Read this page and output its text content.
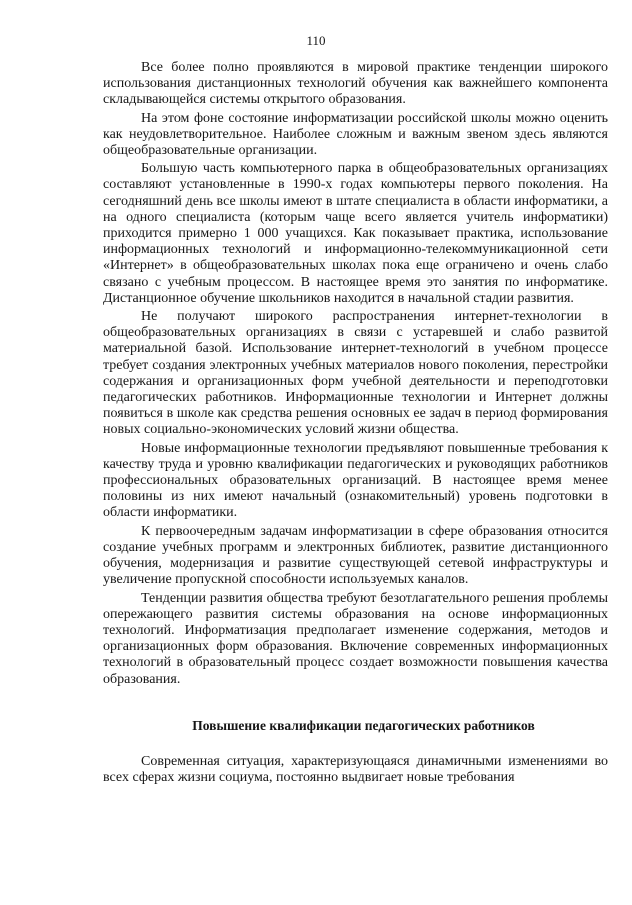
110

Все более полно проявляются в мировой практике тенденции широкого использования дистанционных технологий обучения как важнейшего компонента складывающейся системы открытого образования.

На этом фоне состояние информатизации российской школы можно оценить как неудовлетворительное. Наиболее сложным и важным звеном здесь являются общеобразовательные организации.

Большую часть компьютерного парка в общеобразовательных организациях составляют установленные в 1990-х годах компьютеры первого поколения. На сегодняшний день все школы имеют в штате специалиста в области информатики, а на одного специалиста (которым чаще всего является учитель информатики) приходится примерно 1 000 учащихся. Как показывает практика, использование информационных технологий и информационно-телекоммуникационной сети «Интернет» в общеобразовательных школах пока еще ограничено и очень слабо связано с учебным процессом. В настоящее время это занятия по информатике. Дистанционное обучение школьников находится в начальной стадии развития.

Не получают широкого распространения интернет-технологии в общеобразовательных организациях в связи с устаревшей и слабо развитой материальной базой. Использование интернет-технологий в учебном процессе требует создания электронных учебных материалов нового поколения, перестройки содержания и организационных форм учебной деятельности и переподготовки педагогических работников. Информационные технологии и Интернет должны появиться в школе как средства решения основных ее задач в период формирования новых социально-экономических условий жизни общества.

Новые информационные технологии предъявляют повышенные требования к качеству труда и уровню квалификации педагогических и руководящих работников профессиональных образовательных организаций. В настоящее время менее половины из них имеют начальный (ознакомительный) уровень подготовки в области информатики.

К первоочередным задачам информатизации в сфере образования относится создание учебных программ и электронных библиотек, развитие дистанционного обучения, модернизация и развитие существующей сетевой инфраструктуры и увеличение пропускной способности используемых каналов.

Тенденции развития общества требуют безотлагательного решения проблемы опережающего развития системы образования на основе информационных технологий. Информатизация предполагает изменение содержания, методов и организационных форм образования. Включение современных информационных технологий в образовательный процесс создает возможности повышения качества образования.

Повышение квалификации педагогических работников

Современная ситуация, характеризующаяся динамичными изменениями во всех сферах жизни социума, постоянно выдвигает новые требования
